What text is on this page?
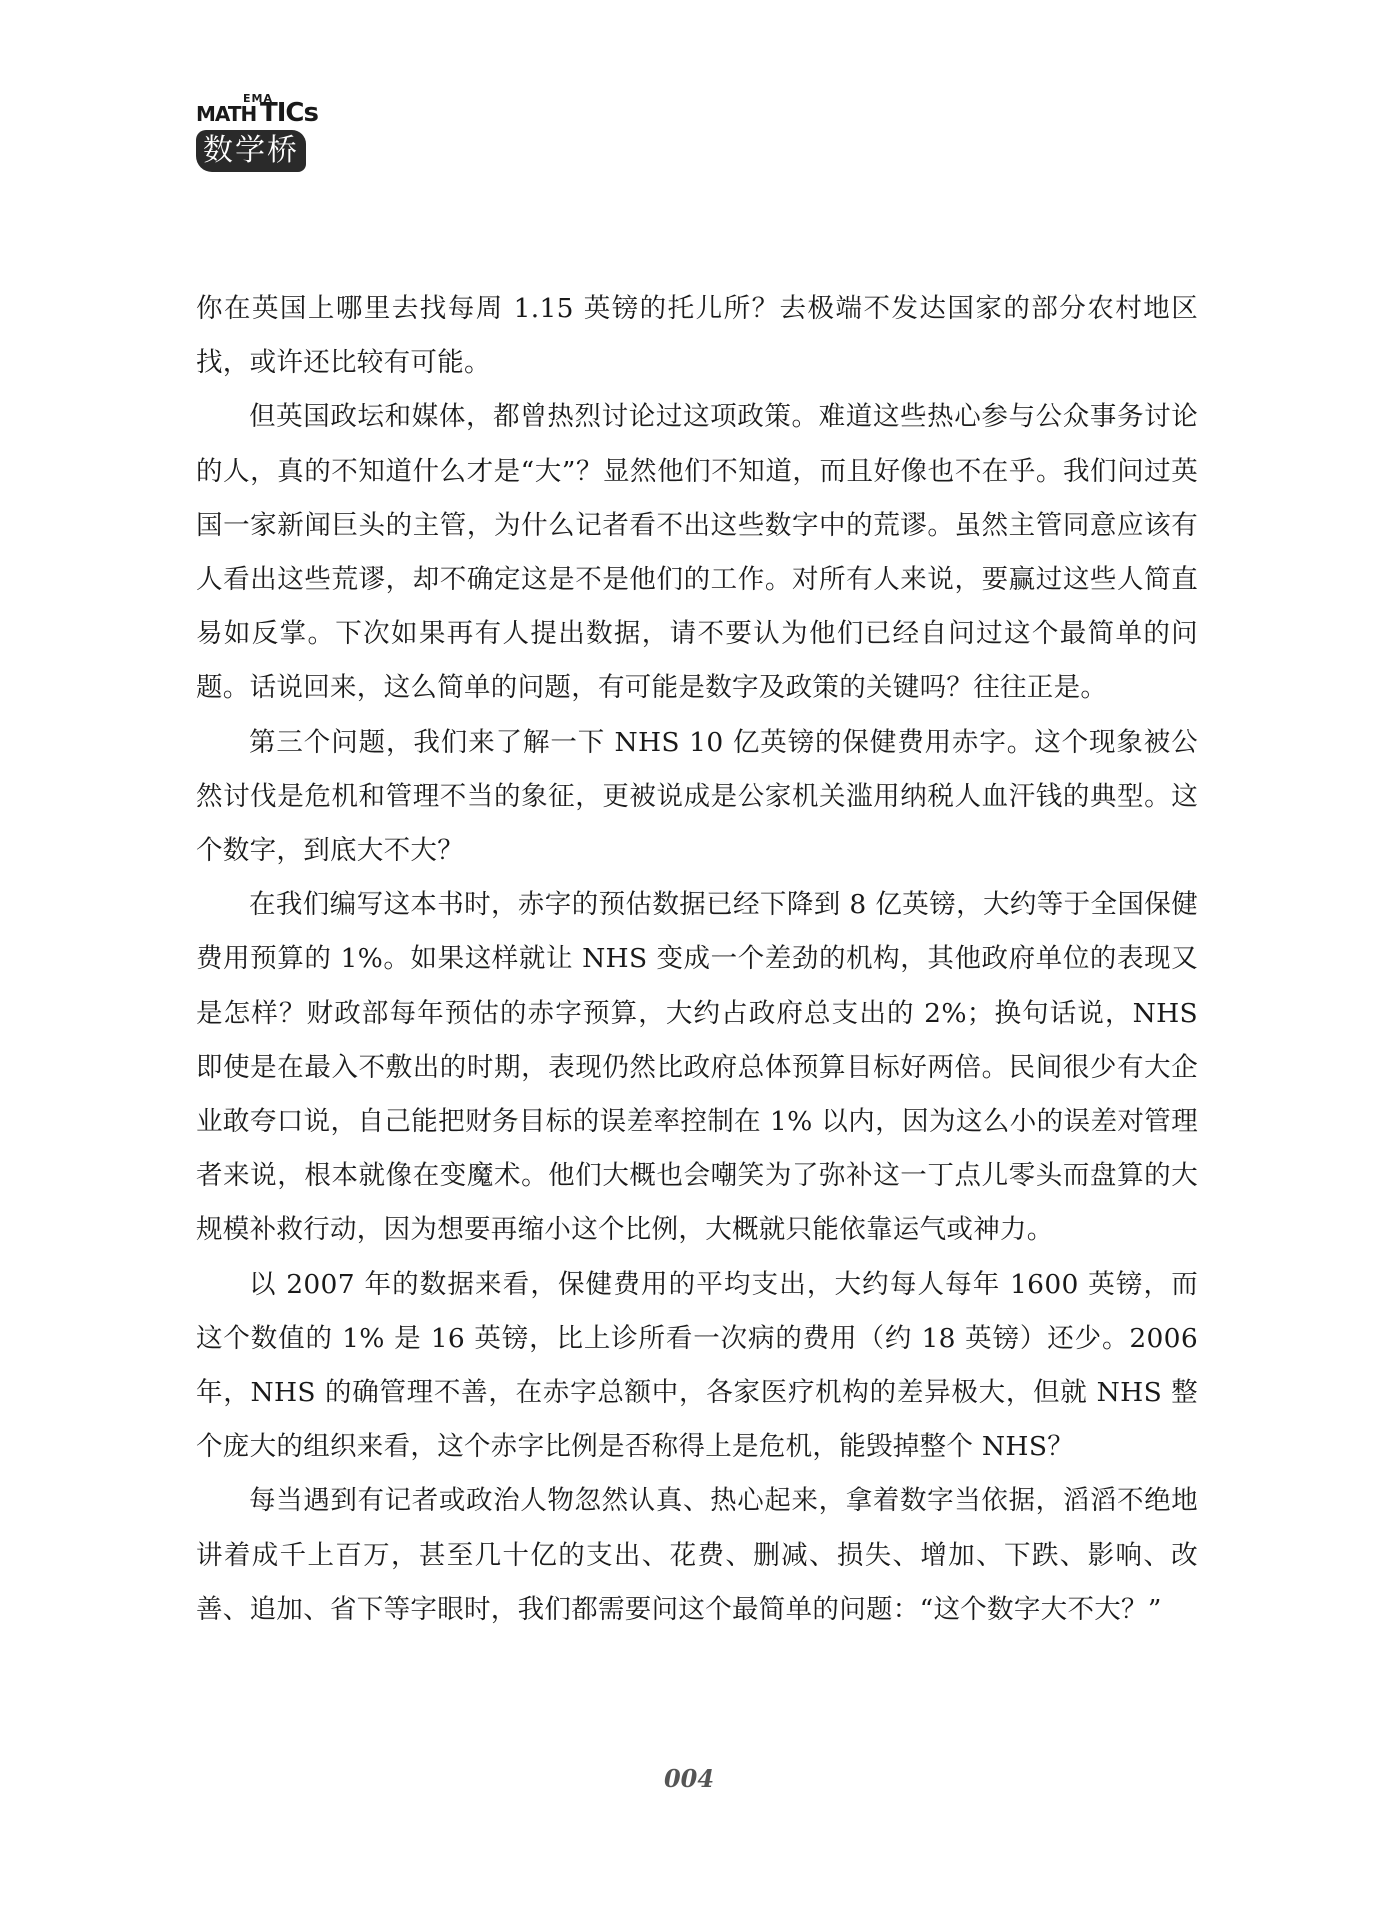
MATH
EMA
TICs
数学桥

你在英国上哪里去找每周 1.15 英镑的托儿所？去极端不发达国家的部分农村地区找，或许还比较有可能。

但英国政坛和媒体，都曾热烈讨论过这项政策。难道这些热心参与公众事务讨论的人，真的不知道什么才是“大”？显然他们不知道，而且好像也不在乎。我们问过英国一家新闻巨头的主管，为什么记者看不出这些数字中的荒谬。虽然主管同意应该有人看出这些荒谬，却不确定这是不是他们的工作。对所有人来说，要赢过这些人简直易如反掌。下次如果再有人提出数据，请不要认为他们已经自问过这个最简单的问题。话说回来，这么简单的问题，有可能是数字及政策的关键吗？往往正是。

第三个问题，我们来了解一下 NHS 10 亿英镑的保健费用赤字。这个现象被公然讨伐是危机和管理不当的象征，更被说成是公家机关滥用纳税人血汗钱的典型。这个数字，到底大不大？

在我们编写这本书时，赤字的预估数据已经下降到 8 亿英镑，大约等于全国保健费用预算的 1%。如果这样就让 NHS 变成一个差劲的机构，其他政府单位的表现又是怎样？财政部每年预估的赤字预算，大约占政府总支出的 2%；换句话说，NHS 即使是在最入不敷出的时期，表现仍然比政府总体预算目标好两倍。民间很少有大企业敢夸口说，自己能把财务目标的误差率控制在 1% 以内，因为这么小的误差对管理者来说，根本就像在变魔术。他们大概也会嘲笑为了弥补这一丁点儿零头而盘算的大规模补救行动，因为想要再缩小这个比例，大概就只能依靠运气或神力。

以 2007 年的数据来看，保健费用的平均支出，大约每人每年 1600 英镑，而这个数值的 1% 是 16 英镑，比上诊所看一次病的费用（约 18 英镑）还少。2006 年，NHS 的确管理不善，在赤字总额中，各家医疗机构的差异极大，但就 NHS 整个庞大的组织来看，这个赤字比例是否称得上是危机，能毁掉整个 NHS？

每当遇到有记者或政治人物忽然认真、热心起来，拿着数字当依据，滔滔不绝地讲着成千上百万，甚至几十亿的支出、花费、删减、损失、增加、下跌、影响、改善、追加、省下等字眼时，我们都需要问这个最简单的问题：“这个数字大不大？”

004
